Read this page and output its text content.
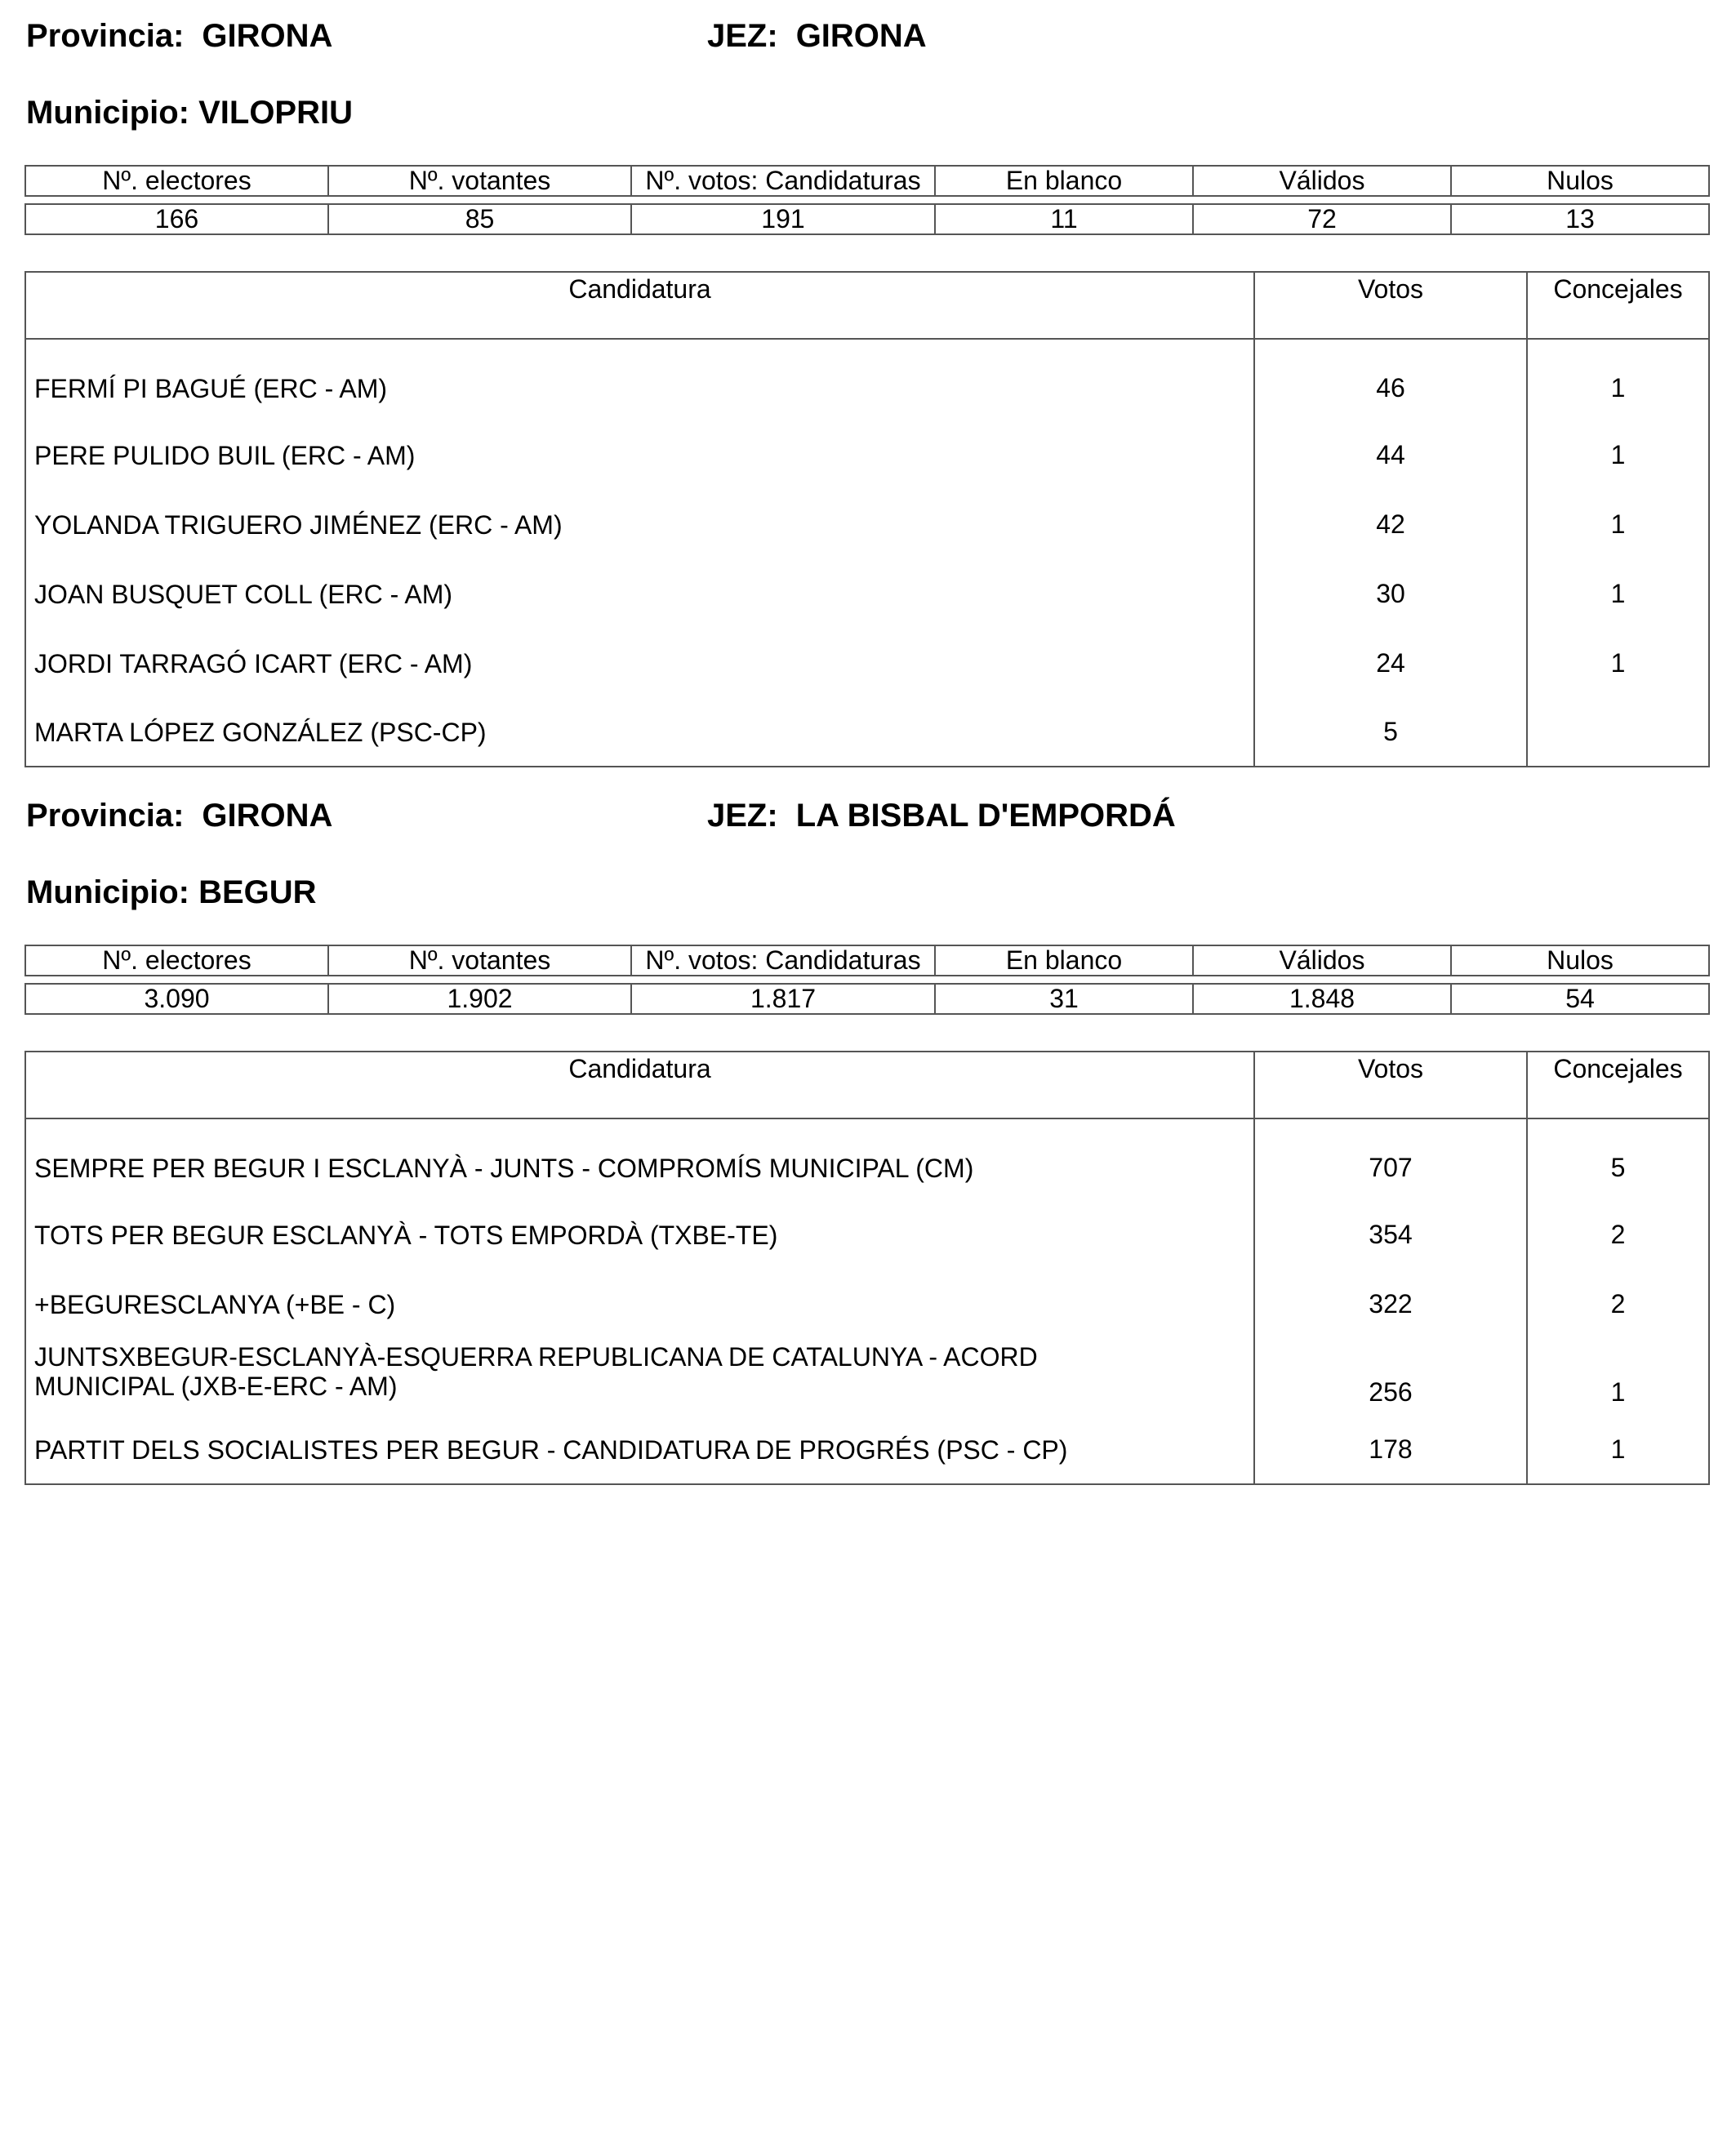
Provincia: GIRONA	JEZ: GIRONA
Municipio: VILOPRIU
Nº. electores	Nº. votantes	Nº. votos: Candidaturas	En blanco	Válidos	Nulos

166	85	191	11	72	13
Candidatura	Votos	Concejales
FERMÍ PI BAGUÉ (ERC - AM)	46	1
PERE PULIDO BUIL (ERC - AM)	44	1
YOLANDA TRIGUERO JIMÉNEZ (ERC - AM)	42	1
JOAN BUSQUET COLL (ERC - AM)	30	1
JORDI TARRAGÓ ICART (ERC - AM)	24	1
MARTA LÓPEZ GONZÁLEZ (PSC-CP)	5	
Provincia: GIRONA	JEZ: LA BISBAL D'EMPORDÁ
Municipio: BEGUR
Nº. electores	Nº. votantes	Nº. votos: Candidaturas	En blanco	Válidos	Nulos

3.090	1.902	1.817	31	1.848	54
Candidatura	Votos	Concejales
SEMPRE PER BEGUR I ESCLANYÀ - JUNTS - COMPROMÍS MUNICIPAL (CM)	707	5
TOTS PER BEGUR ESCLANYÀ - TOTS EMPORDÀ (TXBE-TE)	354	2
+BEGURESCLANYA (+BE - C)	322	2
JUNTSXBEGUR-ESCLANYÀ-ESQUERRA REPUBLICANA DE CATALUNYA - ACORD
MUNICIPAL (JXB-E-ERC - AM)	256	1
PARTIT DELS SOCIALISTES PER BEGUR - CANDIDATURA DE PROGRÉS (PSC - CP)	178	1
